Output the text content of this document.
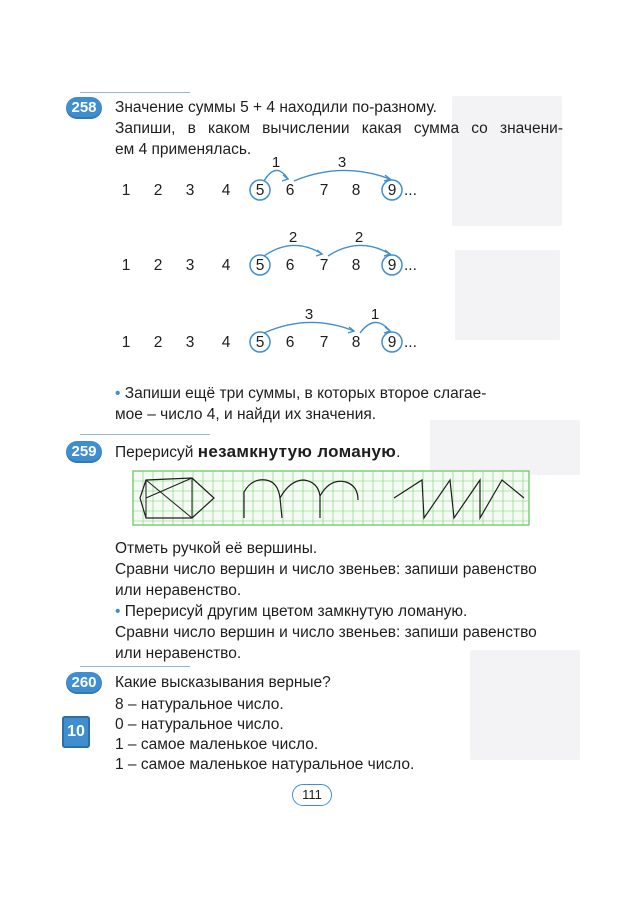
258	Значение суммы 5 + 4 находили по-разному.
Запиши, в каком вычислении какая сумма со значени-
ем 4 применялась.
1 2 3 4 5 6 7 8 9 ...
1	3
1 2 3 4 5 6 7 8 9 ...
2	2
1 2 3 4 5 6 7 8 9 ...
3	1
• Запиши ещё три суммы, в которых второе слагае-
мое – число 4, и найди их значения.
259	Перерисуй незамкнутую ломаную.
Отметь ручкой её вершины.
Сравни число вершин и число звеньев: запиши равенство
или неравенство.
• Перерисуй другим цветом замкнутую ломаную.
Сравни число вершин и число звеньев: запиши равенство
или неравенство.
260	Какие высказывания верные?
10
8 – натуральное число.
0 – натуральное число.
1 – самое маленькое число.
1 – самое маленькое натуральное число.
111
